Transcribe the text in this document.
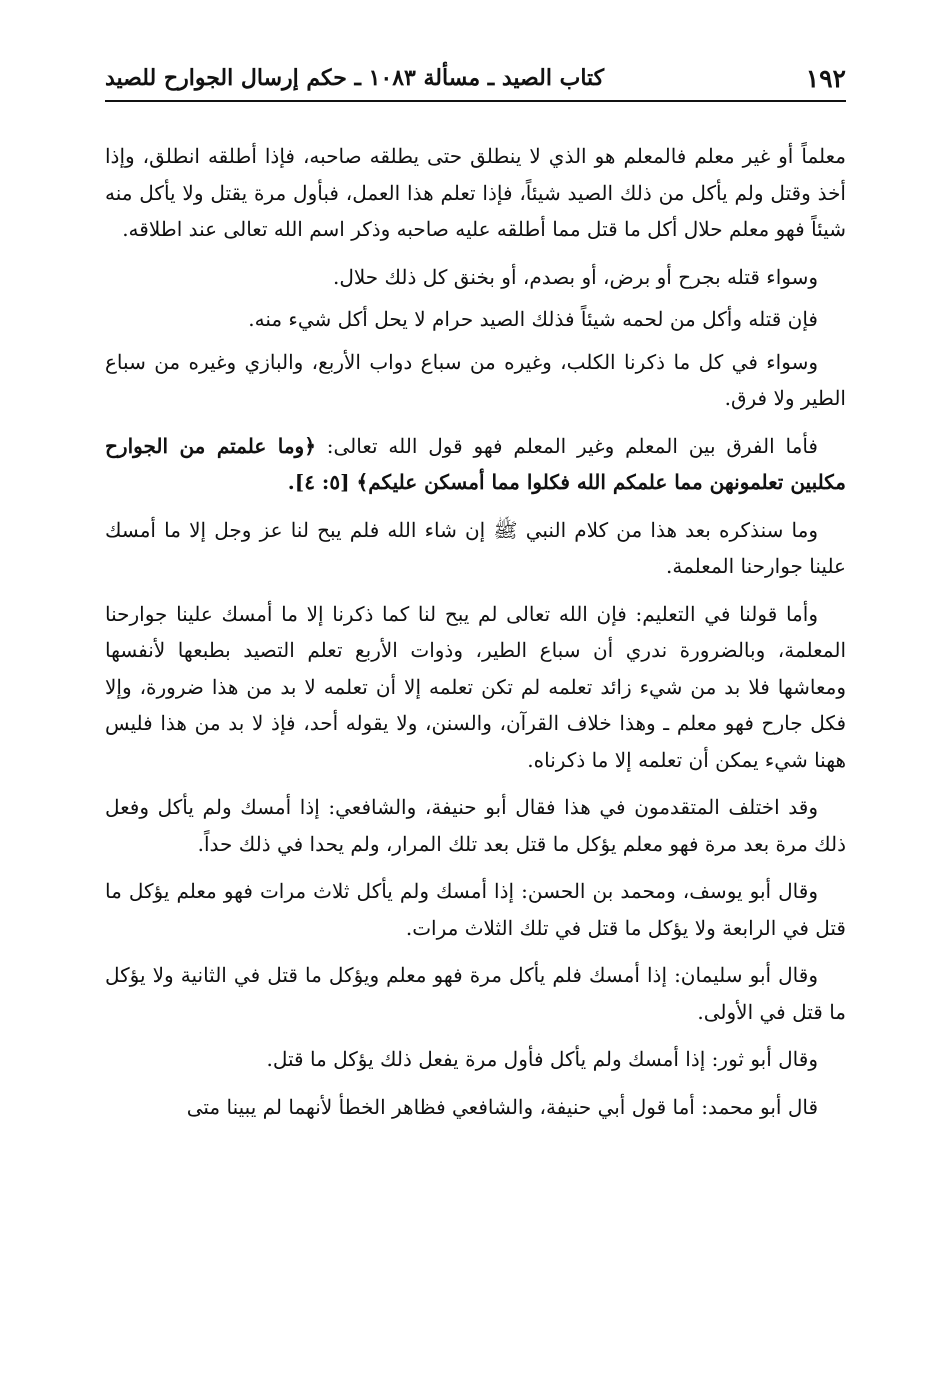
١٩٢
كتاب الصيد ـ مسألة ١٠٨٣ ـ حكم إرسال الجوارح للصيد

معلماً أو غير معلم فالمعلم هو الذي لا ينطلق حتى يطلقه صاحبه، فإذا أطلقه انطلق، وإذا أخذ وقتل ولم يأكل من ذلك الصيد شيئاً، فإذا تعلم هذا العمل، فبأول مرة يقتل ولا يأكل منه شيئاً فهو معلم حلال أكل ما قتل مما أطلقه عليه صاحبه وذكر اسم الله تعالى عند اطلاقه.

وسواء قتله بجرح أو برض، أو بصدم، أو بخنق كل ذلك حلال.

فإن قتله وأكل من لحمه شيئاً فذلك الصيد حرام لا يحل أكل شيء منه.

وسواء في كل ما ذكرنا الكلب، وغيره من سباع دواب الأربع، والبازي وغيره من سباع الطير ولا فرق.

فأما الفرق بين المعلم وغير المعلم فهو قول الله تعالى: ﴿وما علمتم من الجوارح مكلبين تعلمونهن مما علمكم الله فكلوا مما أمسكن عليكم﴾ [٥: ٤].

وما سنذكره بعد هذا من كلام النبي ﷺ إن شاء الله فلم يبح لنا عز وجل إلا ما أمسك علينا جوارحنا المعلمة.

وأما قولنا في التعليم: فإن الله تعالى لم يبح لنا كما ذكرنا إلا ما أمسك علينا جوارحنا المعلمة، وبالضرورة ندري أن سباع الطير، وذوات الأربع تعلم التصيد بطبعها لأنفسها ومعاشها فلا بد من شيء زائد تعلمه لم تكن تعلمه إلا أن تعلمه لا بد من هذا ضرورة، وإلا فكل جارح فهو معلم ـ وهذا خلاف القرآن، والسنن، ولا يقوله أحد، فإذ لا بد من هذا فليس ههنا شيء يمكن أن تعلمه إلا ما ذكرناه.

وقد اختلف المتقدمون في هذا فقال أبو حنيفة، والشافعي: إذا أمسك ولم يأكل وفعل ذلك مرة بعد مرة فهو معلم يؤكل ما قتل بعد تلك المرار، ولم يحدا في ذلك حداً.

وقال أبو يوسف، ومحمد بن الحسن: إذا أمسك ولم يأكل ثلاث مرات فهو معلم يؤكل ما قتل في الرابعة ولا يؤكل ما قتل في تلك الثلاث مرات.

وقال أبو سليمان: إذا أمسك فلم يأكل مرة فهو معلم ويؤكل ما قتل في الثانية ولا يؤكل ما قتل في الأولى.

وقال أبو ثور: إذا أمسك ولم يأكل فأول مرة يفعل ذلك يؤكل ما قتل.

قال أبو محمد: أما قول أبي حنيفة، والشافعي فظاهر الخطأ لأنهما لم يبينا متى
